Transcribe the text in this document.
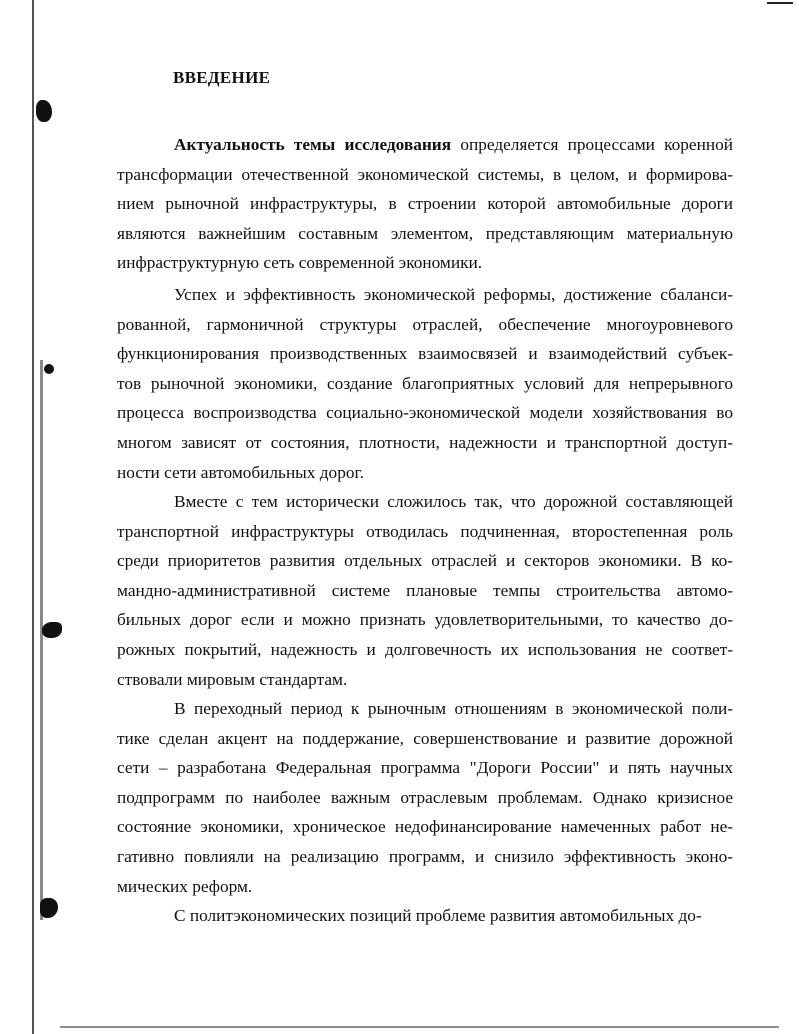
ВВЕДЕНИЕ
Актуальность темы исследования определяется процессами коренной
трансформации отечественной экономической системы, в целом, и формирова-
нием рыночной инфраструктуры, в строении которой автомобильные дороги
являются важнейшим составным элементом, представляющим материальную
инфраструктурную сеть современной экономики.
Успех и эффективность экономической реформы, достижение сбаланси-
рованной, гармоничной структуры отраслей, обеспечение многоуровневого
функционирования производственных взаимосвязей и взаимодействий субъек-
тов рыночной экономики, создание благоприятных условий для непрерывного
процесса воспроизводства социально-экономической модели хозяйствования во
многом зависят от состояния, плотности, надежности и транспортной доступ-
ности сети автомобильных дорог.
Вместе с тем исторически сложилось так, что дорожной составляющей
транспортной инфраструктуры отводилась подчиненная, второстепенная роль
среди приоритетов развития отдельных отраслей и секторов экономики. В ко-
мандно-административной системе плановые темпы строительства автомо-
бильных дорог если и можно признать удовлетворительными, то качество до-
рожных покрытий, надежность и долговечность их использования не соответ-
ствовали мировым стандартам.
В переходный период к рыночным отношениям в экономической поли-
тике сделан акцент на поддержание, совершенствование и развитие дорожной
сети – разработана Федеральная программа "Дороги России" и пять научных
подпрограмм по наиболее важным отраслевым проблемам. Однако кризисное
состояние экономики, хроническое недофинансирование намеченных работ не-
гативно повлияли на реализацию программ, и снизило эффективность эконо-
мических реформ.
С политэкономических позиций проблеме развития автомобильных до-
